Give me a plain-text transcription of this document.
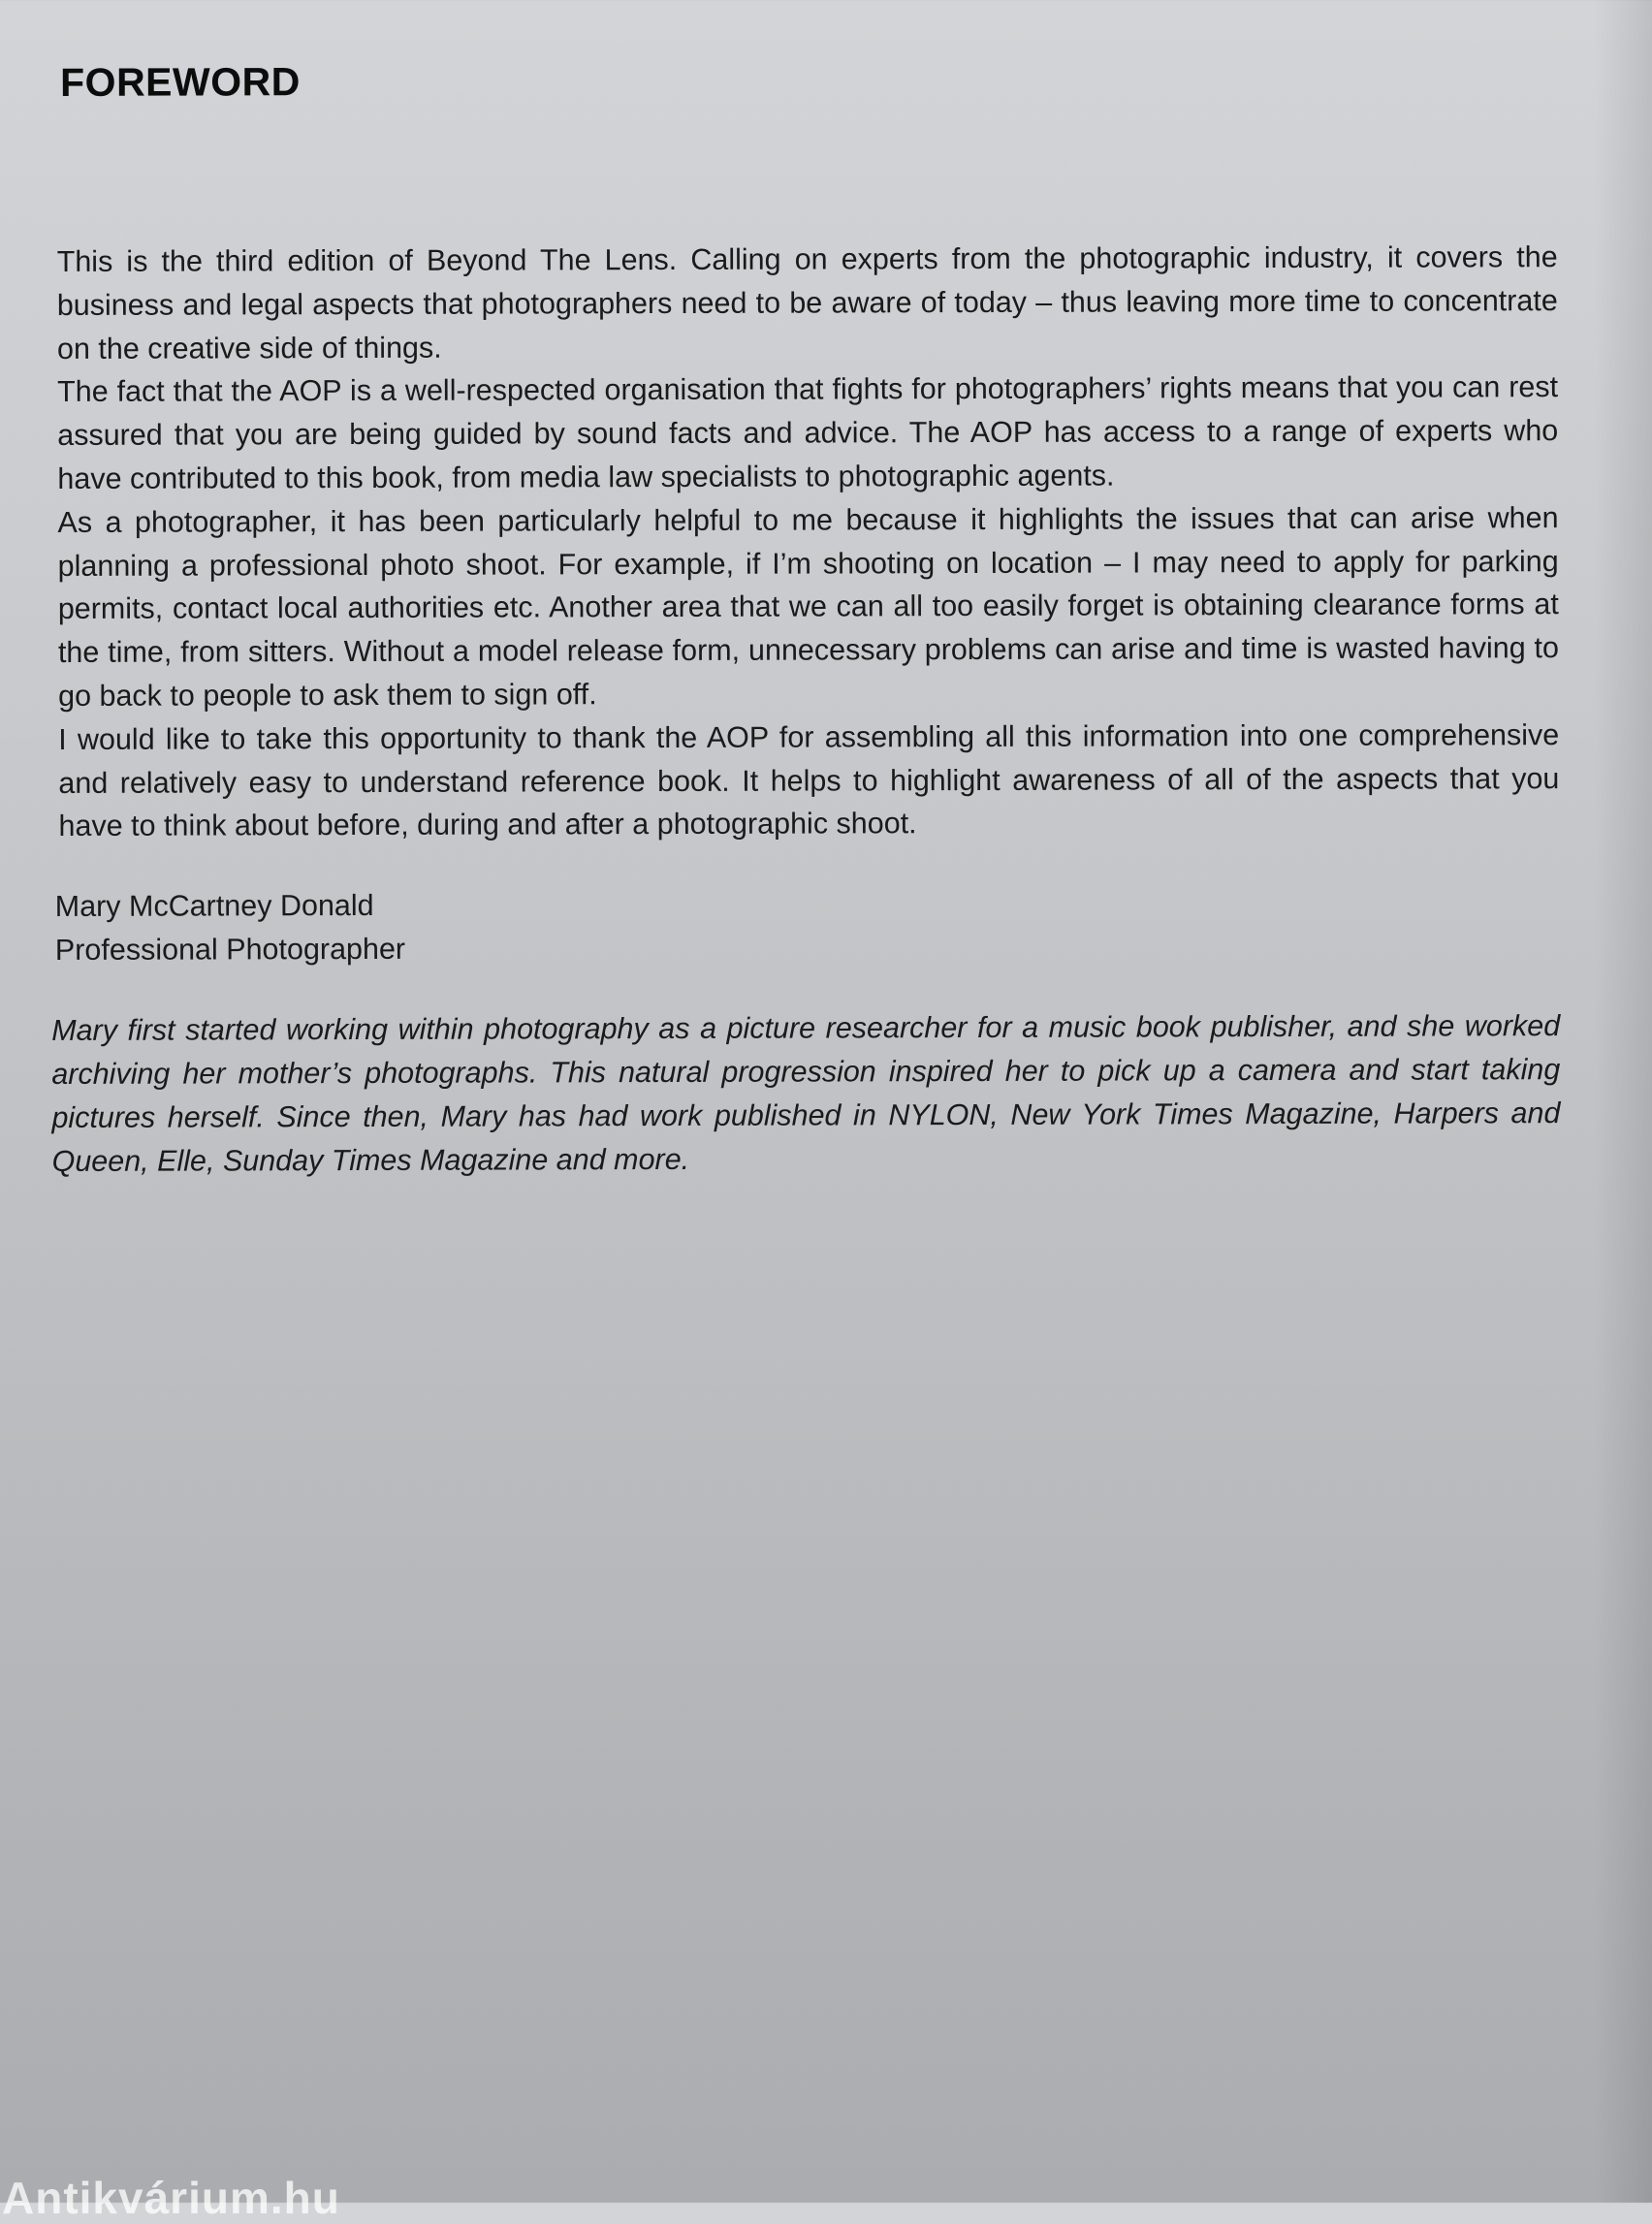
FOREWORD

This is the third edition of Beyond The Lens. Calling on experts from the photographic industry, it covers the business and legal aspects that photographers need to be aware of today – thus leaving more time to concentrate on the creative side of things.

The fact that the AOP is a well-respected organisation that fights for photographers’ rights means that you can rest assured that you are being guided by sound facts and advice. The AOP has access to a range of experts who have contributed to this book, from media law specialists to photographic agents.

As a photographer, it has been particularly helpful to me because it highlights the issues that can arise when planning a professional photo shoot. For example, if I’m shooting on location – I may need to apply for parking permits, contact local authorities etc. Another area that we can all too easily forget is obtaining clearance forms at the time, from sitters. Without a model release form, unnecessary problems can arise and time is wasted having to go back to people to ask them to sign off.

I would like to take this opportunity to thank the AOP for assembling all this information into one comprehensive and relatively easy to understand reference book. It helps to highlight awareness of all of the aspects that you have to think about before, during and after a photographic shoot.

Mary McCartney Donald

Professional Photographer

Mary first started working within photography as a picture researcher for a music book publisher, and she worked archiving her mother’s photographs. This natural progression inspired her to pick up a camera and start taking pictures herself. Since then, Mary has had work published in NYLON, New York Times Magazine, Harpers and Queen, Elle, Sunday Times Magazine and more.

Antikvárium.hu
